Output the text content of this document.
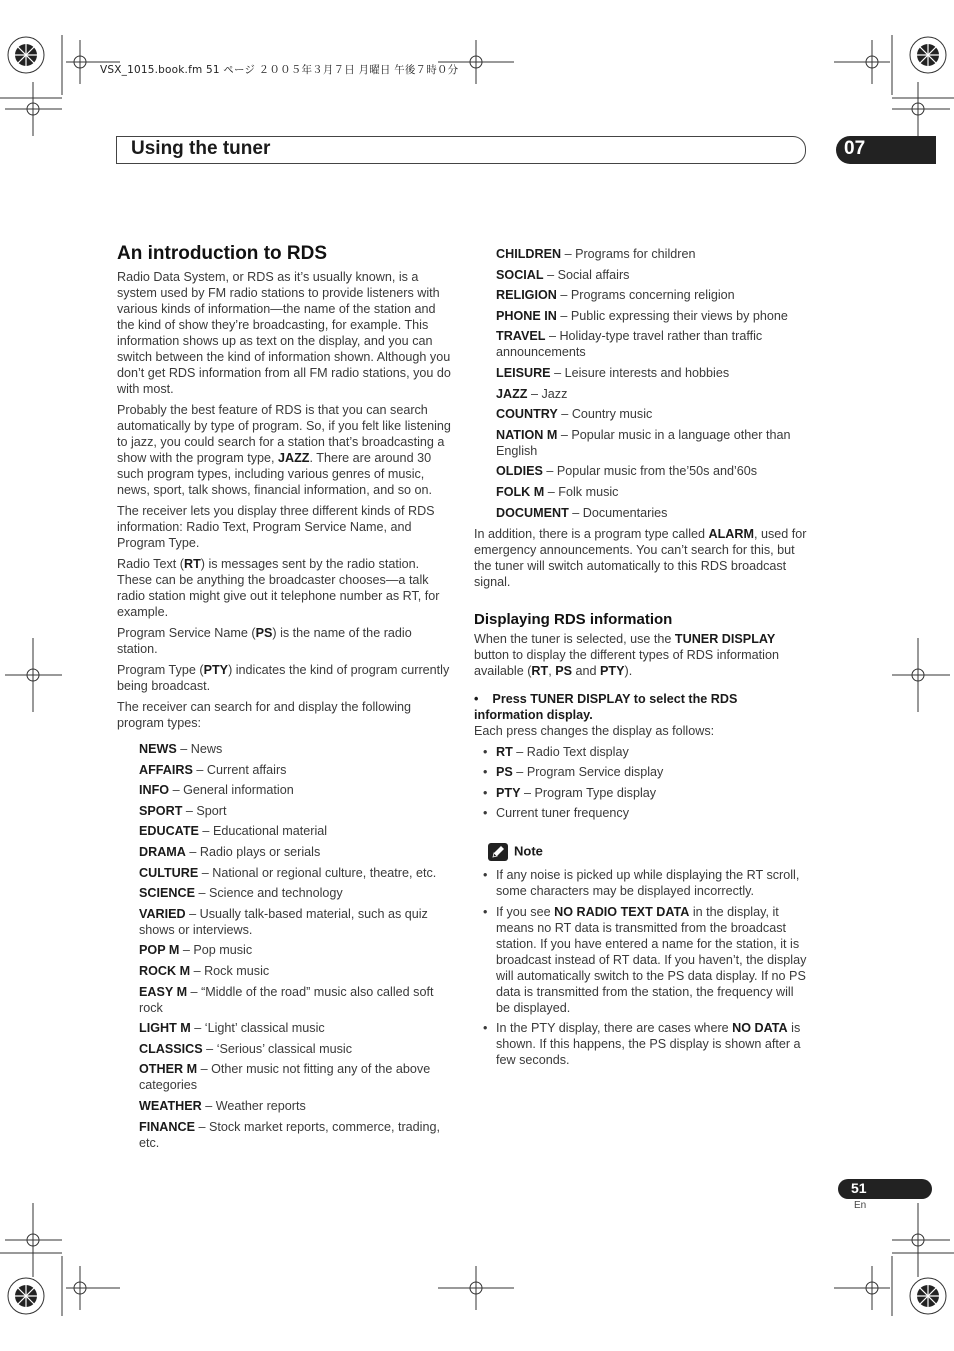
VSX_1015.book.fm 51 ページ ２００５年３月７日 月曜日 午後７時０分
Using the tuner	07
An introduction to RDS

Radio Data System, or RDS as it’s usually known, is a system used by FM radio stations to provide listeners with various kinds of information—the name of the station and the kind of show they’re broadcasting, for example. This information shows up as text on the display, and you can switch between the kind of information shown. Although you don’t get RDS information from all FM radio stations, you do with most.

Probably the best feature of RDS is that you can search automatically by type of program. So, if you felt like listening to jazz, you could search for a station that’s broadcasting a show with the program type, JAZZ. There are around 30 such program types, including various genres of music, news, sport, talk shows, financial information, and so on.

The receiver lets you display three different kinds of RDS information: Radio Text, Program Service Name, and Program Type.

Radio Text (RT) is messages sent by the radio station. These can be anything the broadcaster chooses—a talk radio station might give out it telephone number as RT, for example.

Program Service Name (PS) is the name of the radio station.

Program Type (PTY) indicates the kind of program currently being broadcast.

The receiver can search for and display the following program types:

NEWS – News

AFFAIRS – Current affairs

INFO – General information

SPORT – Sport

EDUCATE – Educational material

DRAMA – Radio plays or serials

CULTURE – National or regional culture, theatre, etc.

SCIENCE – Science and technology

VARIED – Usually talk-based material, such as quiz shows or interviews.

POP M – Pop music

ROCK M – Rock music

EASY M – “Middle of the road” music also called soft rock

LIGHT M – ‘Light’ classical music

CLASSICS – ‘Serious’ classical music

OTHER M – Other music not fitting any of the above categories

WEATHER – Weather reports

FINANCE – Stock market reports, commerce, trading, etc.

CHILDREN – Programs for children

SOCIAL – Social affairs

RELIGION – Programs concerning religion

PHONE IN – Public expressing their views by phone

TRAVEL – Holiday-type travel rather than traffic announcements

LEISURE – Leisure interests and hobbies

JAZZ – Jazz

COUNTRY – Country music

NATION M – Popular music in a language other than English

OLDIES – Popular music from the’50s and’60s

FOLK M – Folk music

DOCUMENT – Documentaries

In addition, there is a program type called ALARM, used for emergency announcements. You can’t search for this, but the tuner will switch automatically to this RDS broadcast signal.

Displaying RDS information

When the tuner is selected, use the TUNER DISPLAY button to display the different types of RDS information available (RT, PS and PTY).

• Press TUNER DISPLAY to select the RDS information display.

Each press changes the display as follows:

• RT – Radio Text display
• PS – Program Service display
• PTY – Program Type display
• Current tuner frequency
Note
• If any noise is picked up while displaying the RT scroll, some characters may be displayed incorrectly.
• If you see NO RADIO TEXT DATA in the display, it means no RT data is transmitted from the broadcast station. If you have entered a name for the station, it is broadcast instead of RT data. If you haven’t, the display will automatically switch to the PS data display. If no PS data is transmitted from the station, the frequency will be displayed.
• In the PTY display, there are cases where NO DATA is shown. If this happens, the PS display is shown after a few seconds.
51
En
